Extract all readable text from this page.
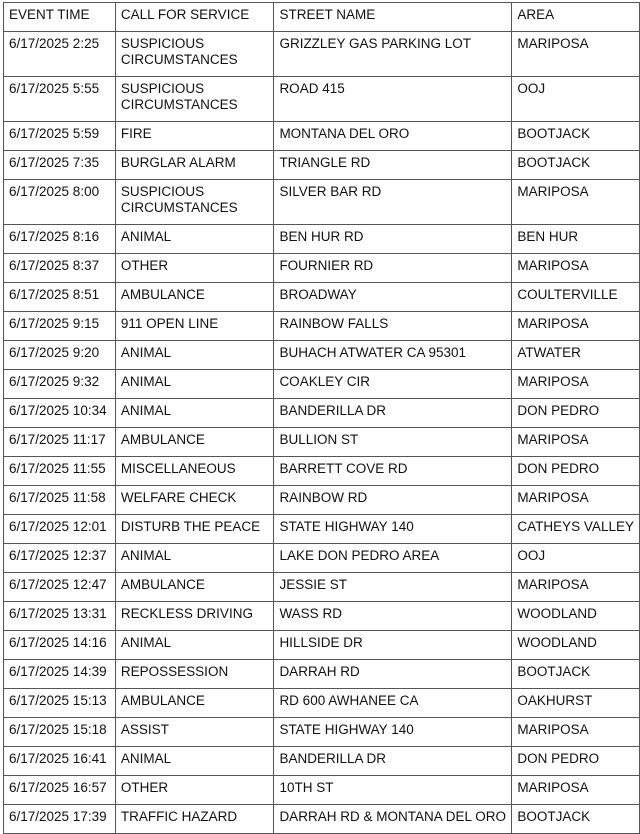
EVENT TIME	CALL FOR SERVICE	STREET NAME	AREA
6/17/2025 2:25	SUSPICIOUS CIRCUMSTANCES	GRIZZLEY GAS PARKING LOT	MARIPOSA
6/17/2025 5:55	SUSPICIOUS CIRCUMSTANCES	ROAD 415	OOJ
6/17/2025 5:59	FIRE	MONTANA DEL ORO	BOOTJACK
6/17/2025 7:35	BURGLAR ALARM	TRIANGLE RD	BOOTJACK
6/17/2025 8:00	SUSPICIOUS CIRCUMSTANCES	SILVER BAR RD	MARIPOSA
6/17/2025 8:16	ANIMAL	BEN HUR RD	BEN HUR
6/17/2025 8:37	OTHER	FOURNIER RD	MARIPOSA
6/17/2025 8:51	AMBULANCE	BROADWAY	COULTERVILLE
6/17/2025 9:15	911 OPEN LINE	RAINBOW FALLS	MARIPOSA
6/17/2025 9:20	ANIMAL	BUHACH ATWATER CA 95301	ATWATER
6/17/2025 9:32	ANIMAL	COAKLEY CIR	MARIPOSA
6/17/2025 10:34	ANIMAL	BANDERILLA DR	DON PEDRO
6/17/2025 11:17	AMBULANCE	BULLION ST	MARIPOSA
6/17/2025 11:55	MISCELLANEOUS	BARRETT COVE RD	DON PEDRO
6/17/2025 11:58	WELFARE CHECK	RAINBOW RD	MARIPOSA
6/17/2025 12:01	DISTURB THE PEACE	STATE HIGHWAY 140	CATHEYS VALLEY
6/17/2025 12:37	ANIMAL	LAKE DON PEDRO AREA	OOJ
6/17/2025 12:47	AMBULANCE	JESSIE ST	MARIPOSA
6/17/2025 13:31	RECKLESS DRIVING	WASS RD	WOODLAND
6/17/2025 14:16	ANIMAL	HILLSIDE DR	WOODLAND
6/17/2025 14:39	REPOSSESSION	DARRAH RD	BOOTJACK
6/17/2025 15:13	AMBULANCE	RD 600 AWHANEE CA	OAKHURST
6/17/2025 15:18	ASSIST	STATE HIGHWAY 140	MARIPOSA
6/17/2025 16:41	ANIMAL	BANDERILLA DR	DON PEDRO
6/17/2025 16:57	OTHER	10TH ST	MARIPOSA
6/17/2025 17:39	TRAFFIC HAZARD	DARRAH RD & MONTANA DEL ORO	BOOTJACK
